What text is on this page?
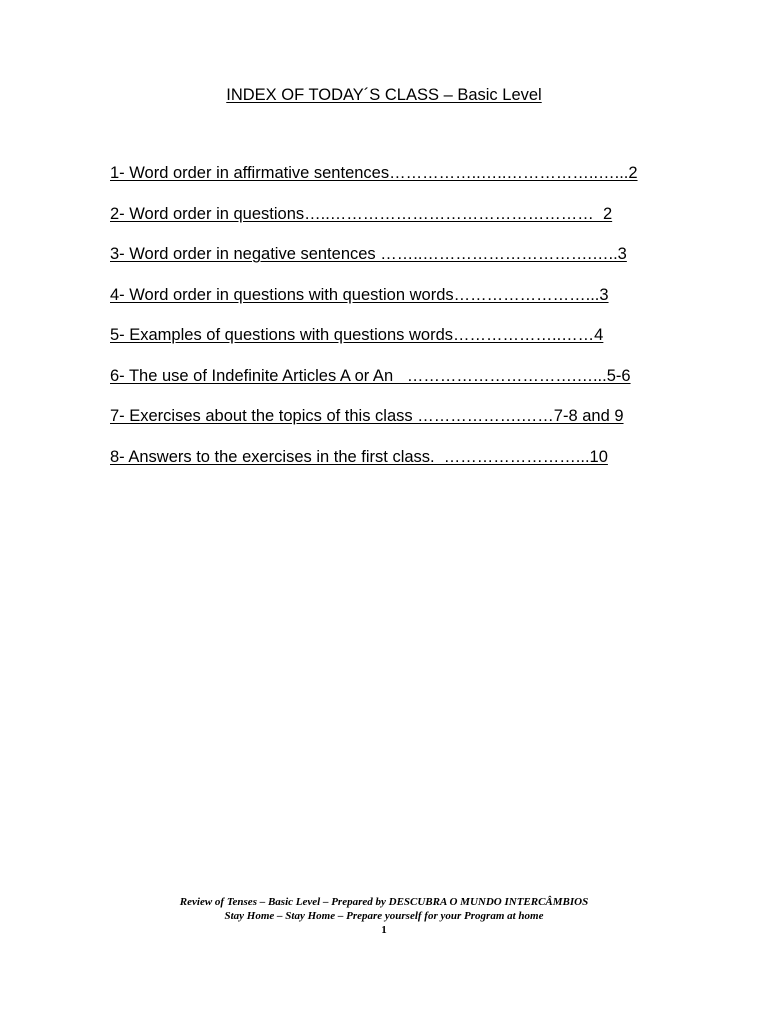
INDEX OF TODAY´S CLASS – Basic Level
1- Word order in affirmative sentences……………..…..……………..…...2
2- Word order in questions…..…………………………………………  2
3- Word order in negative sentences ……..………………………….…..3
4- Word order in questions with question words……………………...3
5- Examples of questions with questions words………………..……4
6- The use of Indefinite Articles A or An   ………………………….…...5-6
7- Exercises about the topics of this class ……………….……7-8 and 9
8- Answers to the exercises in the first class.  ……………………...10
Review of Tenses – Basic Level – Prepared by DESCUBRA O MUNDO INTERCÂMBIOS
Stay Home – Stay Home – Prepare yourself for your Program at home
1
